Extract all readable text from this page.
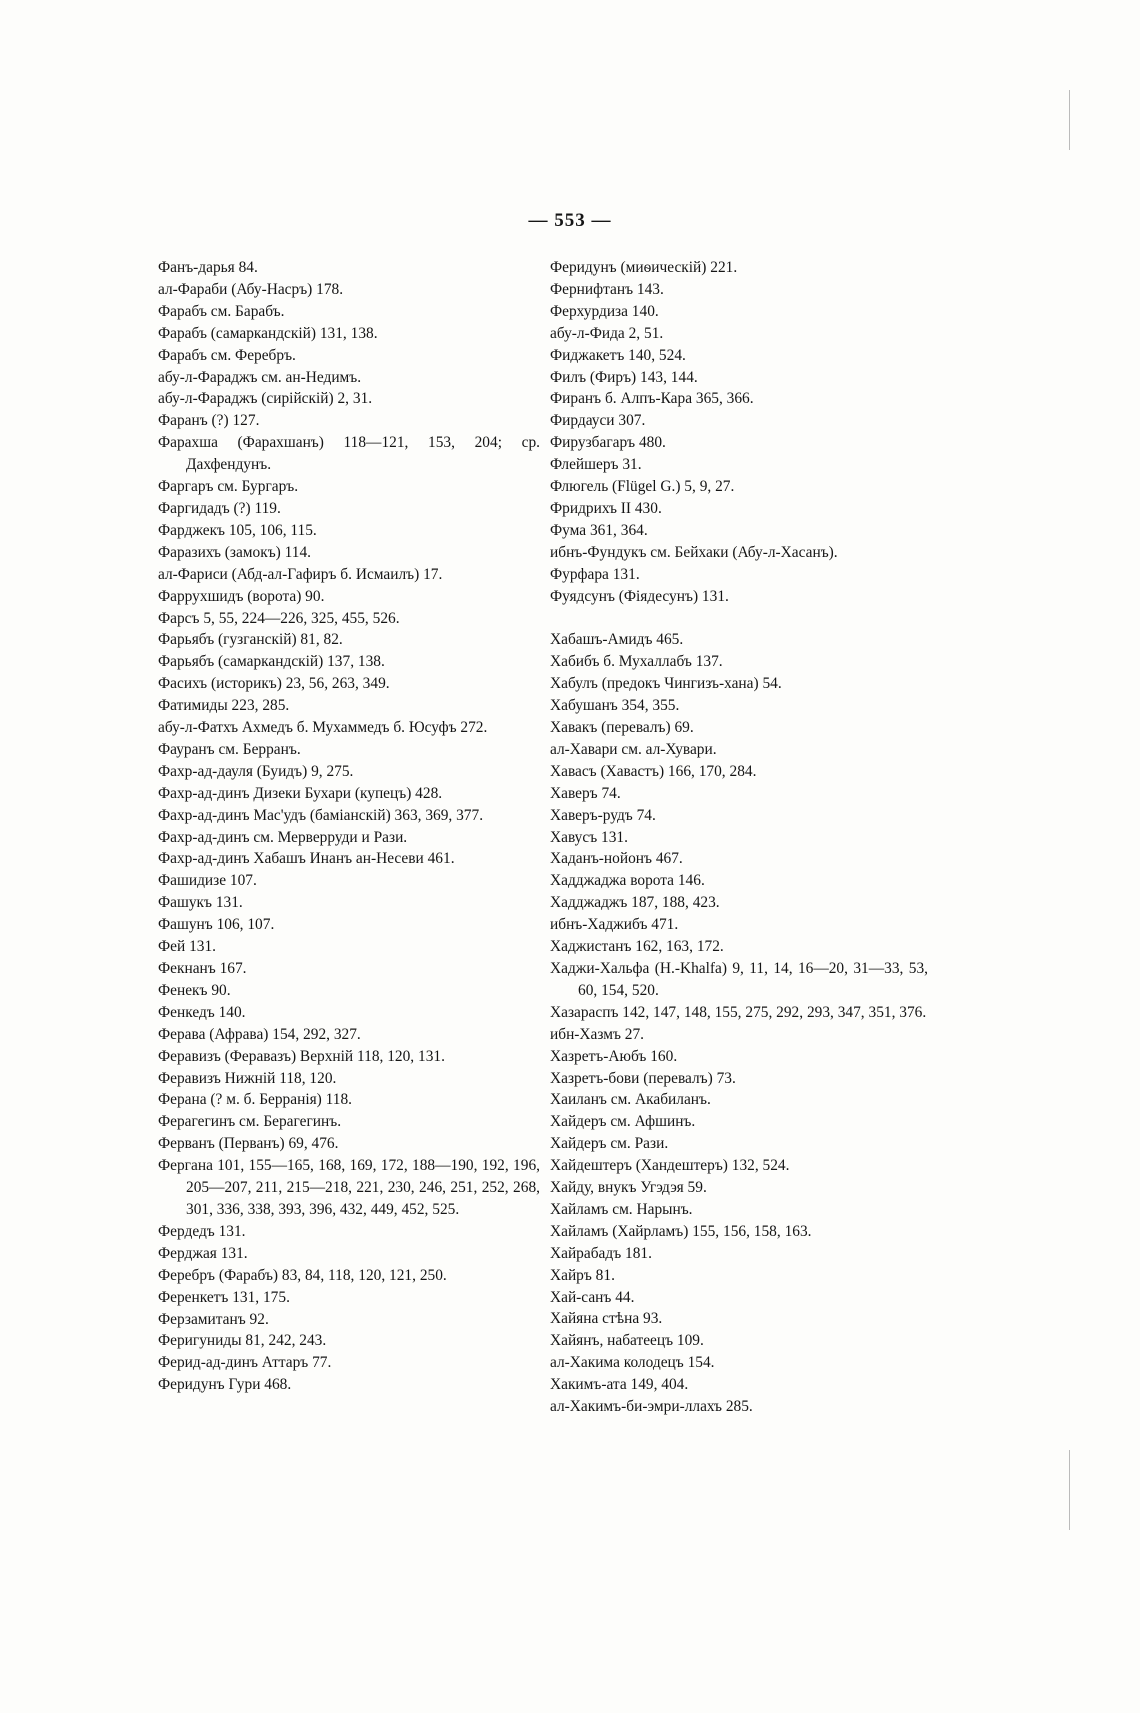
— 553 —
Фанъ-дарья 84.
ал-Фараби (Абу-Насръ) 178.
Фарабъ см. Барабъ.
Фарабъ (самаркандскій) 131, 138.
Фарабъ см. Феребръ.
абу-л-Фараджъ см. ан-Недимъ.
абу-л-Фараджъ (сирійскій) 2, 31.
Фаранъ (?) 127.
Фарахша (Фарахшанъ) 118—121, 153, 204; ср. Дахфендунъ.
Фаргаръ см. Бургаръ.
Фаргидадъ (?) 119.
Фарджекъ 105, 106, 115.
Фаразихъ (замокъ) 114.
ал-Фариси (Абд-ал-Гафиръ б. Исмаилъ) 17.
Фаррухшидъ (ворота) 90.
Фарсъ 5, 55, 224—226, 325, 455, 526.
Фарьябъ (гузганскій) 81, 82.
Фарьябъ (самаркандскій) 137, 138.
Фасихъ (историкъ) 23, 56, 263, 349.
Фатимиды 223, 285.
абу-л-Фатхъ Ахмедъ б. Мухаммедъ б. Юсуфъ 272.
Фауранъ см. Берранъ.
Фахр-ад-дауля (Буидъ) 9, 275.
Фахр-ад-динъ Дизеки Бухари (купецъ) 428.
Фахр-ад-динъ Мас'удъ (баміанскій) 363, 369, 377.
Фахр-ад-динъ см. Мерверруди и Рази.
Фахр-ад-динъ Хабашъ Инанъ ан-Несеви 461.
Фашидизе 107.
Фашукъ 131.
Фашунъ 106, 107.
Фей 131.
Фекнанъ 167.
Фенекъ 90.
Фенкедъ 140.
Ферава (Афрава) 154, 292, 327.
Феравизъ (Феравазъ) Верхній 118, 120, 131.
Феравизъ Нижній 118, 120.
Ферана (? м. б. Берранія) 118.
Ферагегинъ см. Берагегинъ.
Ферванъ (Перванъ) 69, 476.
Фергана 101, 155—165, 168, 169, 172, 188—190, 192, 196, 205—207, 211, 215—218, 221, 230, 246, 251, 252, 268, 301, 336, 338, 393, 396, 432, 449, 452, 525.
Фердедъ 131.
Ферджая 131.
Феребръ (Фарабъ) 83, 84, 118, 120, 121, 250.
Ференкетъ 131, 175.
Ферзамитанъ 92.
Феригуниды 81, 242, 243.
Ферид-ад-динъ Аттаръ 77.
Феридунъ Гури 468.
Феридунъ (миѳическій) 221.
Фернифтанъ 143.
Ферхурдиза 140.
абу-л-Фида 2, 51.
Фиджакетъ 140, 524.
Филъ (Фиръ) 143, 144.
Фиранъ б. Алпъ-Кара 365, 366.
Фирдауси 307.
Фирузбагаръ 480.
Флейшеръ 31.
Флюгель (Flügel G.) 5, 9, 27.
Фридрихъ II 430.
Фума 361, 364.
ибнъ-Фундукъ см. Бейхаки (Абу-л-Хасанъ).
Фурфара 131.
Фуядсунъ (Фіядесунъ) 131.
Хабашъ-Амидъ 465.
Хабибъ б. Мухаллабъ 137.
Хабулъ (предокъ Чингизъ-хана) 54.
Хабушанъ 354, 355.
Хавакъ (перевалъ) 69.
ал-Хавари см. ал-Хувари.
Хавасъ (Хавастъ) 166, 170, 284.
Хаверъ 74.
Хаверъ-рудъ 74.
Хавусъ 131.
Хаданъ-нойонъ 467.
Хадджаджа ворота 146.
Хадджаджъ 187, 188, 423.
ибнъ-Хаджибъ 471.
Хаджистанъ 162, 163, 172.
Хаджи-Хальфа (H.-Khalfa) 9, 11, 14, 16—20, 31—33, 53, 60, 154, 520.
Хазараспъ 142, 147, 148, 155, 275, 292, 293, 347, 351, 376.
ибн-Хазмъ 27.
Хазретъ-Аюбъ 160.
Хазретъ-бови (перевалъ) 73.
Хаиланъ см. Акабиланъ.
Хайдеръ см. Афшинъ.
Хайдеръ см. Рази.
Хайдештеръ (Хандештеръ) 132, 524.
Хайду, внукъ Угэдэя 59.
Хайламъ см. Нарынъ.
Хайламъ (Хайрламъ) 155, 156, 158, 163.
Хайрабадъ 181.
Хайръ 81.
Хай-санъ 44.
Хайяна стѣна 93.
Хайянъ, набатеецъ 109.
ал-Хакима колодецъ 154.
Хакимъ-ата 149, 404.
ал-Хакимъ-би-эмри-ллахъ 285.
